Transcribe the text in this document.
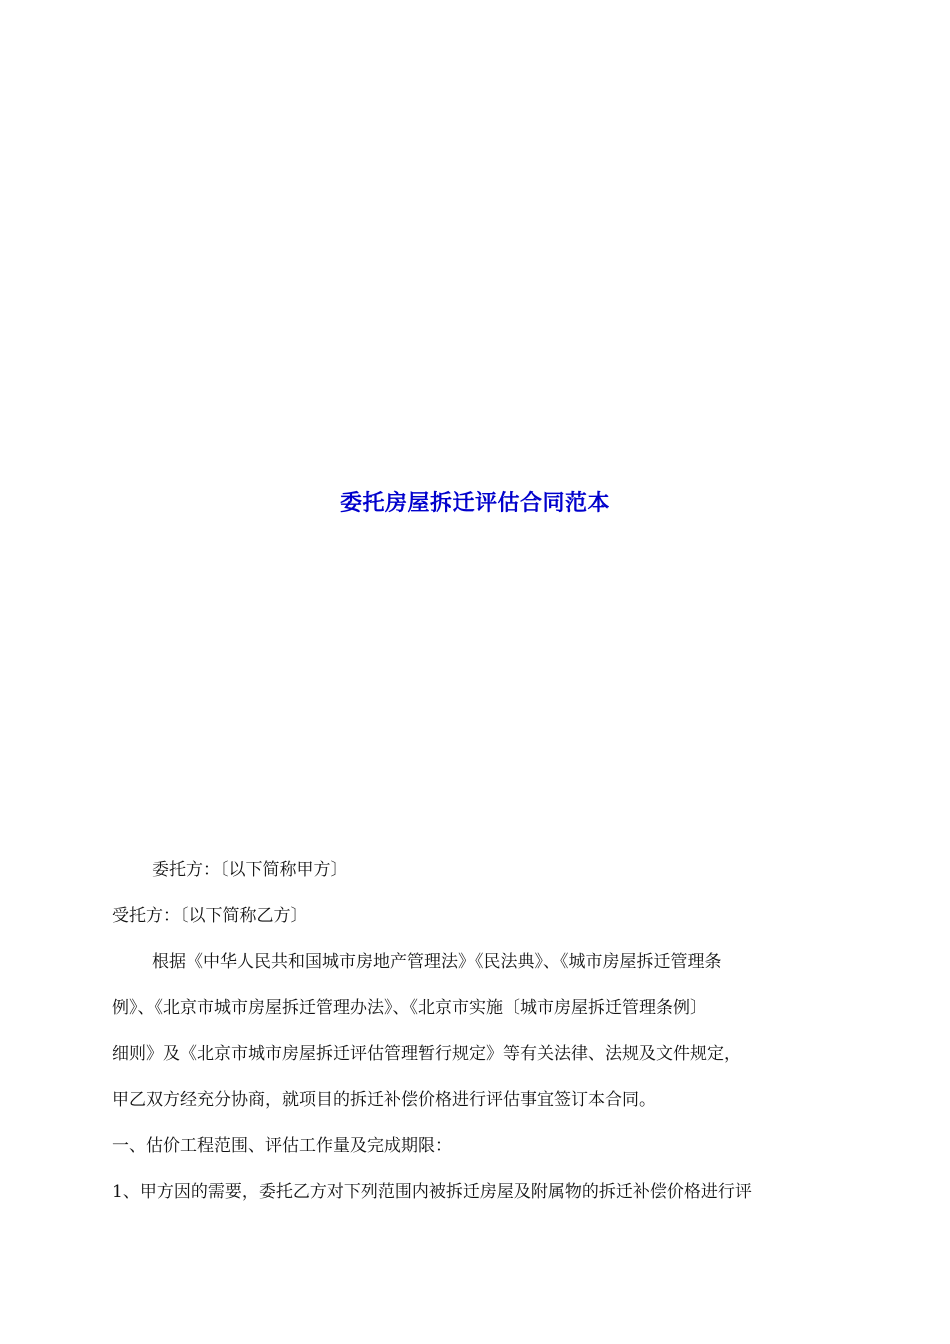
委托房屋拆迁评估合同范本

委托方：〔以下简称甲方〕

受托方：〔以下简称乙方〕

根据《中华人民共和国城市房地产管理法》《民法典》、《城市房屋拆迁管理条

例》、《北京市城市房屋拆迁管理办法》、《北京市实施〔城市房屋拆迁管理条例〕

细则》及《北京市城市房屋拆迁评估管理暂行规定》等有关法律、法规及文件规定，

甲乙双方经充分协商，就项目的拆迁补偿价格进行评估事宜签订本合同。

一、估价工程范围、评估工作量及完成期限：

1、甲方因的需要，委托乙方对下列范围内被拆迁房屋及附属物的拆迁补偿价格进行评
